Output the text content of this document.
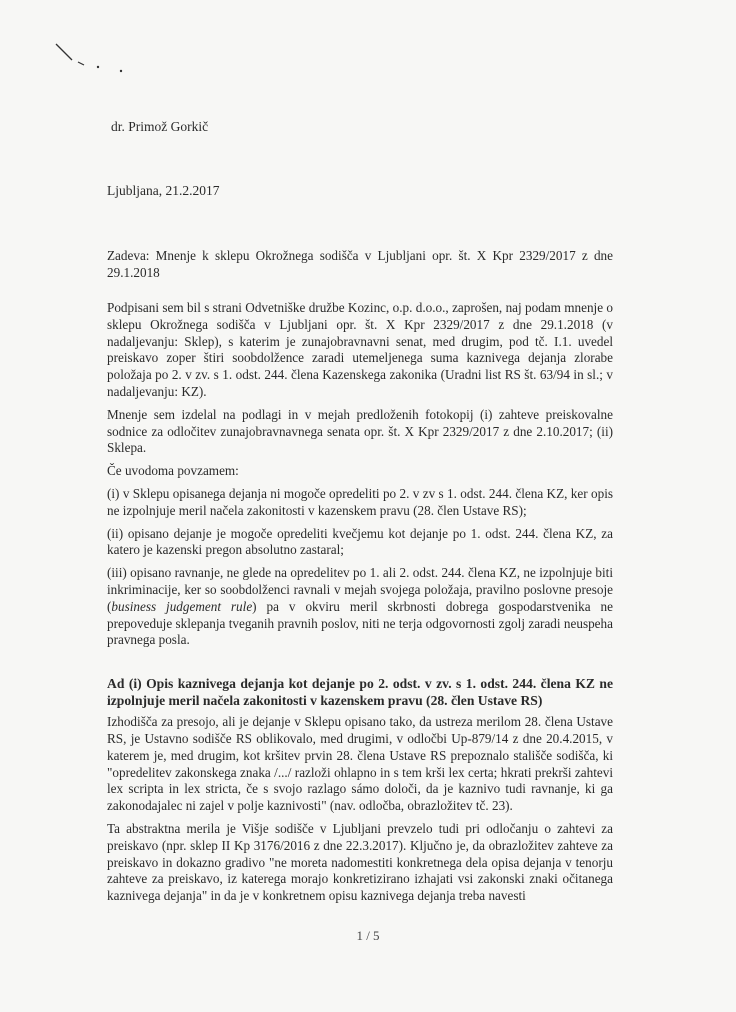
dr. Primož Gorkič
Ljubljana, 21.2.2017

Zadeva: Mnenje k sklepu Okrožnega sodišča v Ljubljani opr. št. X Kpr 2329/2017 z dne 29.1.2018

Podpisani sem bil s strani Odvetniške družbe Kozinc, o.p. d.o.o., zaprošen, naj podam mnenje o sklepu Okrožnega sodišča v Ljubljani opr. št. X Kpr 2329/2017 z dne 29.1.2018 (v nadaljevanju: Sklep), s katerim je zunajobravnavni senat, med drugim, pod tč. I.1. uvedel preiskavo zoper štiri soobdolžence zaradi utemeljenega suma kaznivega dejanja zlorabe položaja po 2. v zv. s 1. odst. 244. člena Kazenskega zakonika (Uradni list RS št. 63/94 in sl.; v nadaljevanju: KZ).

Mnenje sem izdelal na podlagi in v mejah predloženih fotokopij (i) zahteve preiskovalne sodnice za odločitev zunajobravnavnega senata opr. št. X Kpr 2329/2017 z dne 2.10.2017; (ii) Sklepa.

Če uvodoma povzamem:

(i) v Sklepu opisanega dejanja ni mogoče opredeliti po 2. v zv s 1. odst. 244. člena KZ, ker opis ne izpolnjuje meril načela zakonitosti v kazenskem pravu (28. člen Ustave RS);

(ii) opisano dejanje je mogoče opredeliti kvečjemu kot dejanje po 1. odst. 244. člena KZ, za katero je kazenski pregon absolutno zastaral;

(iii) opisano ravnanje, ne glede na opredelitev po 1. ali 2. odst. 244. člena KZ, ne izpolnjuje biti inkriminacije, ker so soobdolženci ravnali v mejah svojega položaja, pravilno poslovne presoje (business judgement rule) pa v okviru meril skrbnosti dobrega gospodarstvenika ne prepoveduje sklepanja tveganih pravnih poslov, niti ne terja odgovornosti zgolj zaradi neuspeha pravnega posla.

Ad (i) Opis kaznivega dejanja kot dejanje po 2. odst. v zv. s 1. odst. 244. člena KZ ne izpolnjuje meril načela zakonitosti v kazenskem pravu (28. člen Ustave RS)

Izhodišča za presojo, ali je dejanje v Sklepu opisano tako, da ustreza merilom 28. člena Ustave RS, je Ustavno sodišče RS oblikovalo, med drugimi, v odločbi Up-879/14 z dne 20.4.2015, v katerem je, med drugim, kot kršitev prvin 28. člena Ustave RS prepoznalo stališče sodišča, ki "opredelitev zakonskega znaka /.../ razloži ohlapno in s tem krši lex certa; hkrati prekrši zahtevi lex scripta in lex stricta, če s svojo razlago sámo določi, da je kaznivo tudi ravnanje, ki ga zakonodajalec ni zajel v polje kaznivosti" (nav. odločba, obrazložitev tč. 23).

Ta abstraktna merila je Višje sodišče v Ljubljani prevzelo tudi pri odločanju o zahtevi za preiskavo (npr. sklep II Kp 3176/2016 z dne 22.3.2017). Ključno je, da obrazložitev zahteve za preiskavo in dokazno gradivo "ne moreta nadomestiti konkretnega dela opisa dejanja v tenorju zahteve za preiskavo, iz katerega morajo konkretizirano izhajati vsi zakonski znaki očitanega kaznivega dejanja" in da je v konkretnem opisu kaznivega dejanja treba navesti

1 / 5
